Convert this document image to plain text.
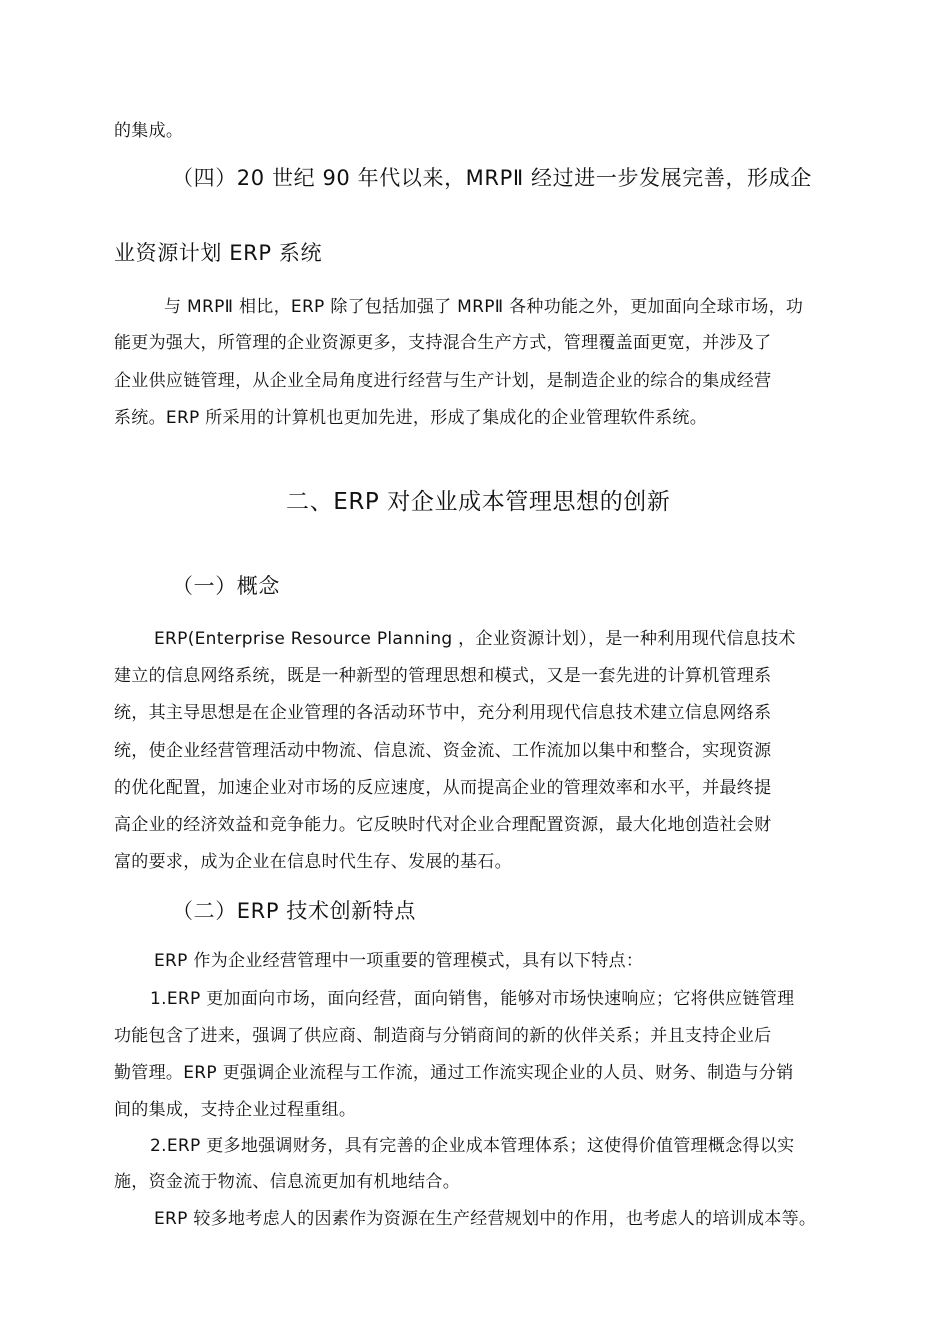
的集成。
（四）20 世纪 90 年代以来，MRPⅡ 经过进一步发展完善，形成企
业资源计划 ERP 系统
与 MRPⅡ 相比，ERP 除了包括加强了 MRPⅡ 各种功能之外，更加面向全球市场，功
能更为强大，所管理的企业资源更多，支持混合生产方式，管理覆盖面更宽，并涉及了
企业供应链管理，从企业全局角度进行经营与生产计划，是制造企业的综合的集成经营
系统。ERP 所采用的计算机也更加先进，形成了集成化的企业管理软件系统。
二、ERP 对企业成本管理思想的创新
（一）概念
ERP(Enterprise Resource Planning ，企业资源计划），是一种利用现代信息技术
建立的信息网络系统，既是一种新型的管理思想和模式，又是一套先进的计算机管理系
统，其主导思想是在企业管理的各活动环节中，充分利用现代信息技术建立信息网络系
统，使企业经营管理活动中物流、信息流、资金流、工作流加以集中和整合，实现资源
的优化配置，加速企业对市场的反应速度，从而提高企业的管理效率和水平，并最终提
高企业的经济效益和竞争能力。它反映时代对企业合理配置资源，最大化地创造社会财
富的要求，成为企业在信息时代生存、发展的基石。
（二）ERP 技术创新特点
ERP 作为企业经营管理中一项重要的管理模式，具有以下特点：
1.ERP 更加面向市场，面向经营，面向销售，能够对市场快速响应；它将供应链管理
功能包含了进来，强调了供应商、制造商与分销商间的新的伙伴关系；并且支持企业后
勤管理。ERP 更强调企业流程与工作流，通过工作流实现企业的人员、财务、制造与分销
间的集成，支持企业过程重组。
2.ERP 更多地强调财务，具有完善的企业成本管理体系；这使得价值管理概念得以实
施，资金流于物流、信息流更加有机地结合。
ERP 较多地考虑人的因素作为资源在生产经营规划中的作用，也考虑人的培训成本等。
